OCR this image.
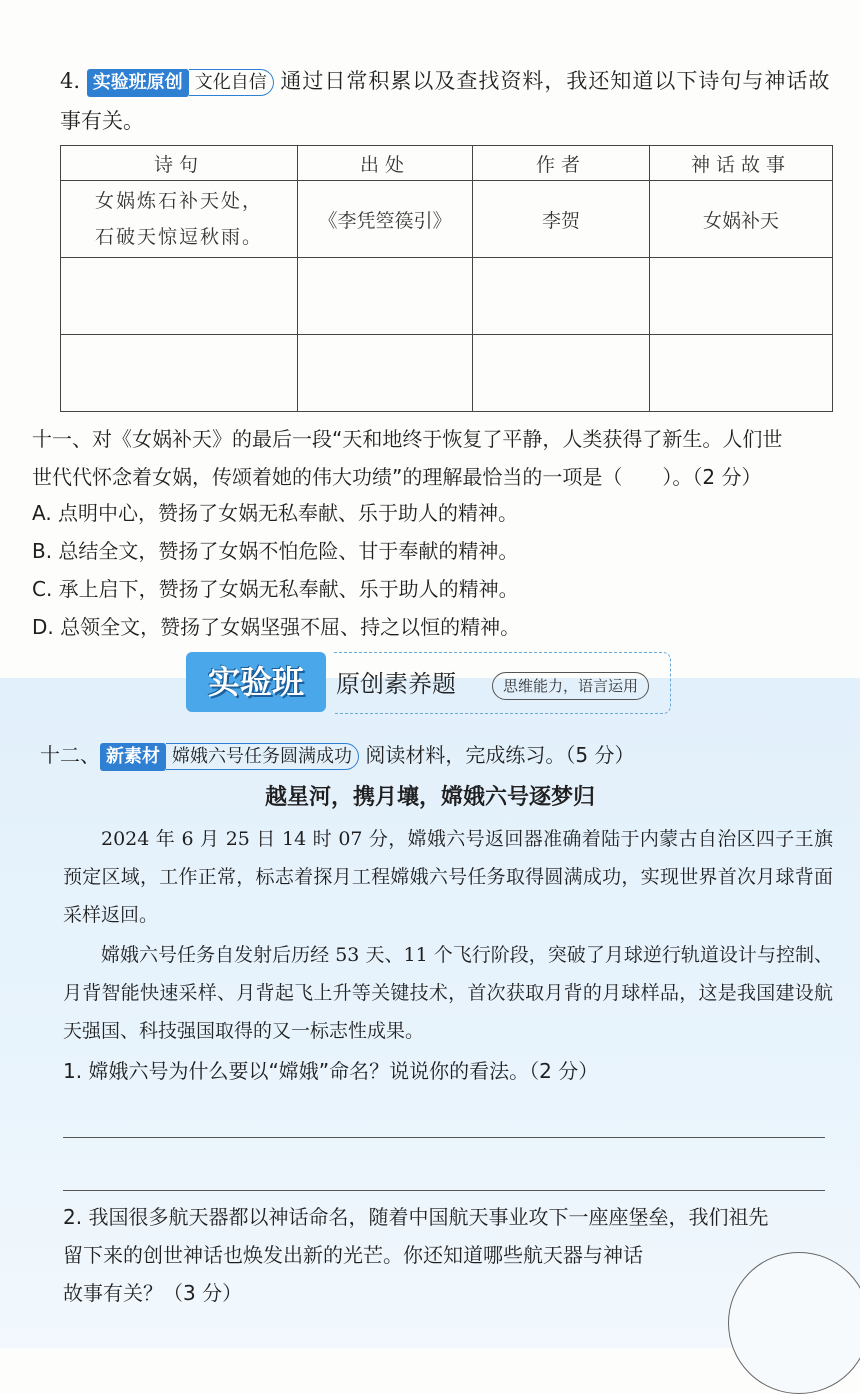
4. 实验班原创 文化自信 通过日常积累以及查找资料，我还知道以下诗句与神话故
事有关。
诗句	出处	作者	神话故事

女娲炼石补天处，
石破天惊逗秋雨。	《李凭箜篌引》	李贺	女娲补天

十一、对《女娲补天》的最后一段“天和地终于恢复了平静，人类获得了新生。人们世
世代代怀念着女娲，传颂着她的伟大功绩”的理解最恰当的一项是（　　）。（2 分）
A. 点明中心，赞扬了女娲无私奉献、乐于助人的精神。
B. 总结全文，赞扬了女娲不怕危险、甘于奉献的精神。
C. 承上启下，赞扬了女娲无私奉献、乐于助人的精神。
D. 总领全文，赞扬了女娲坚强不屈、持之以恒的精神。
实验班	原创素养题	思维能力，语言运用
十二、 新素材 嫦娥六号任务圆满成功 阅读材料，完成练习。（5 分）
越星河，携月壤，嫦娥六号逐梦归
2024 年 6 月 25 日 14 时 07 分，嫦娥六号返回器准确着陆于内蒙古自治区四子王旗预定区域，工作正常，标志着探月工程嫦娥六号任务取得圆满成功，实现世界首次月球背面采样返回。
嫦娥六号任务自发射后历经 53 天、11 个飞行阶段，突破了月球逆行轨道设计与控制、月背智能快速采样、月背起飞上升等关键技术，首次获取月背的月球样品，这是我国建设航天强国、科技强国取得的又一标志性成果。
1. 嫦娥六号为什么要以“嫦娥”命名？说说你的看法。（2 分）
2. 我国很多航天器都以神话命名，随着中国航天事业攻下一座座堡垒，我们祖先
留下来的创世神话也焕发出新的光芒。你还知道哪些航天器与神话
故事有关？（3 分）
